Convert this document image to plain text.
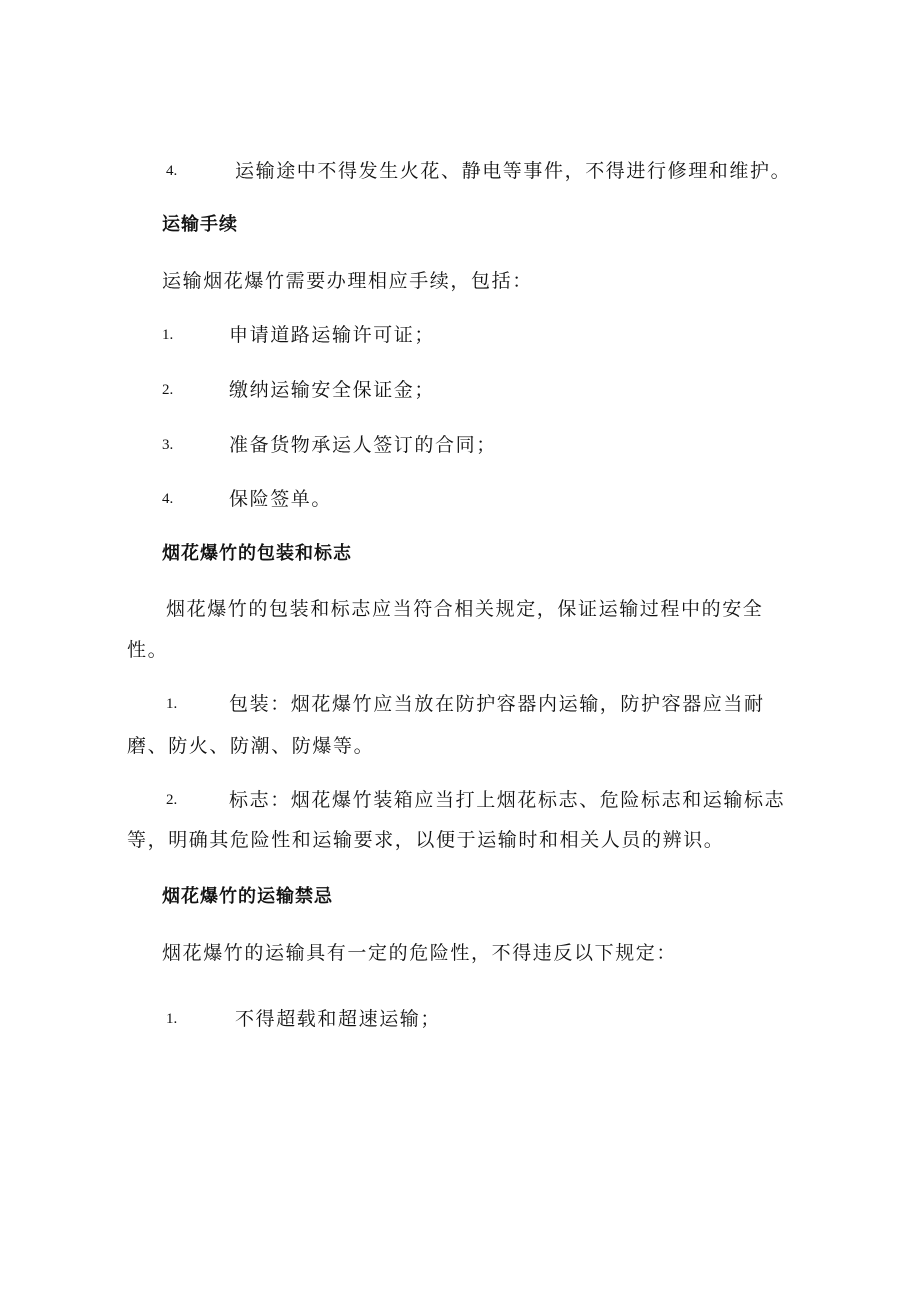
4.	运输途中不得发生火花、静电等事件，不得进行修理和维护。
运输手续
运输烟花爆竹需要办理相应手续，包括：
1.	申请道路运输许可证；
2.	缴纳运输安全保证金；
3.	准备货物承运人签订的合同；
4.	保险签单。
烟花爆竹的包装和标志
烟花爆竹的包装和标志应当符合相关规定，保证运输过程中的安全
性。
1.	包装：烟花爆竹应当放在防护容器内运输，防护容器应当耐
磨、防火、防潮、防爆等。
2.	标志：烟花爆竹装箱应当打上烟花标志、危险标志和运输标志
等，明确其危险性和运输要求，以便于运输时和相关人员的辨识。
烟花爆竹的运输禁忌
烟花爆竹的运输具有一定的危险性，不得违反以下规定：
1.	不得超载和超速运输；
